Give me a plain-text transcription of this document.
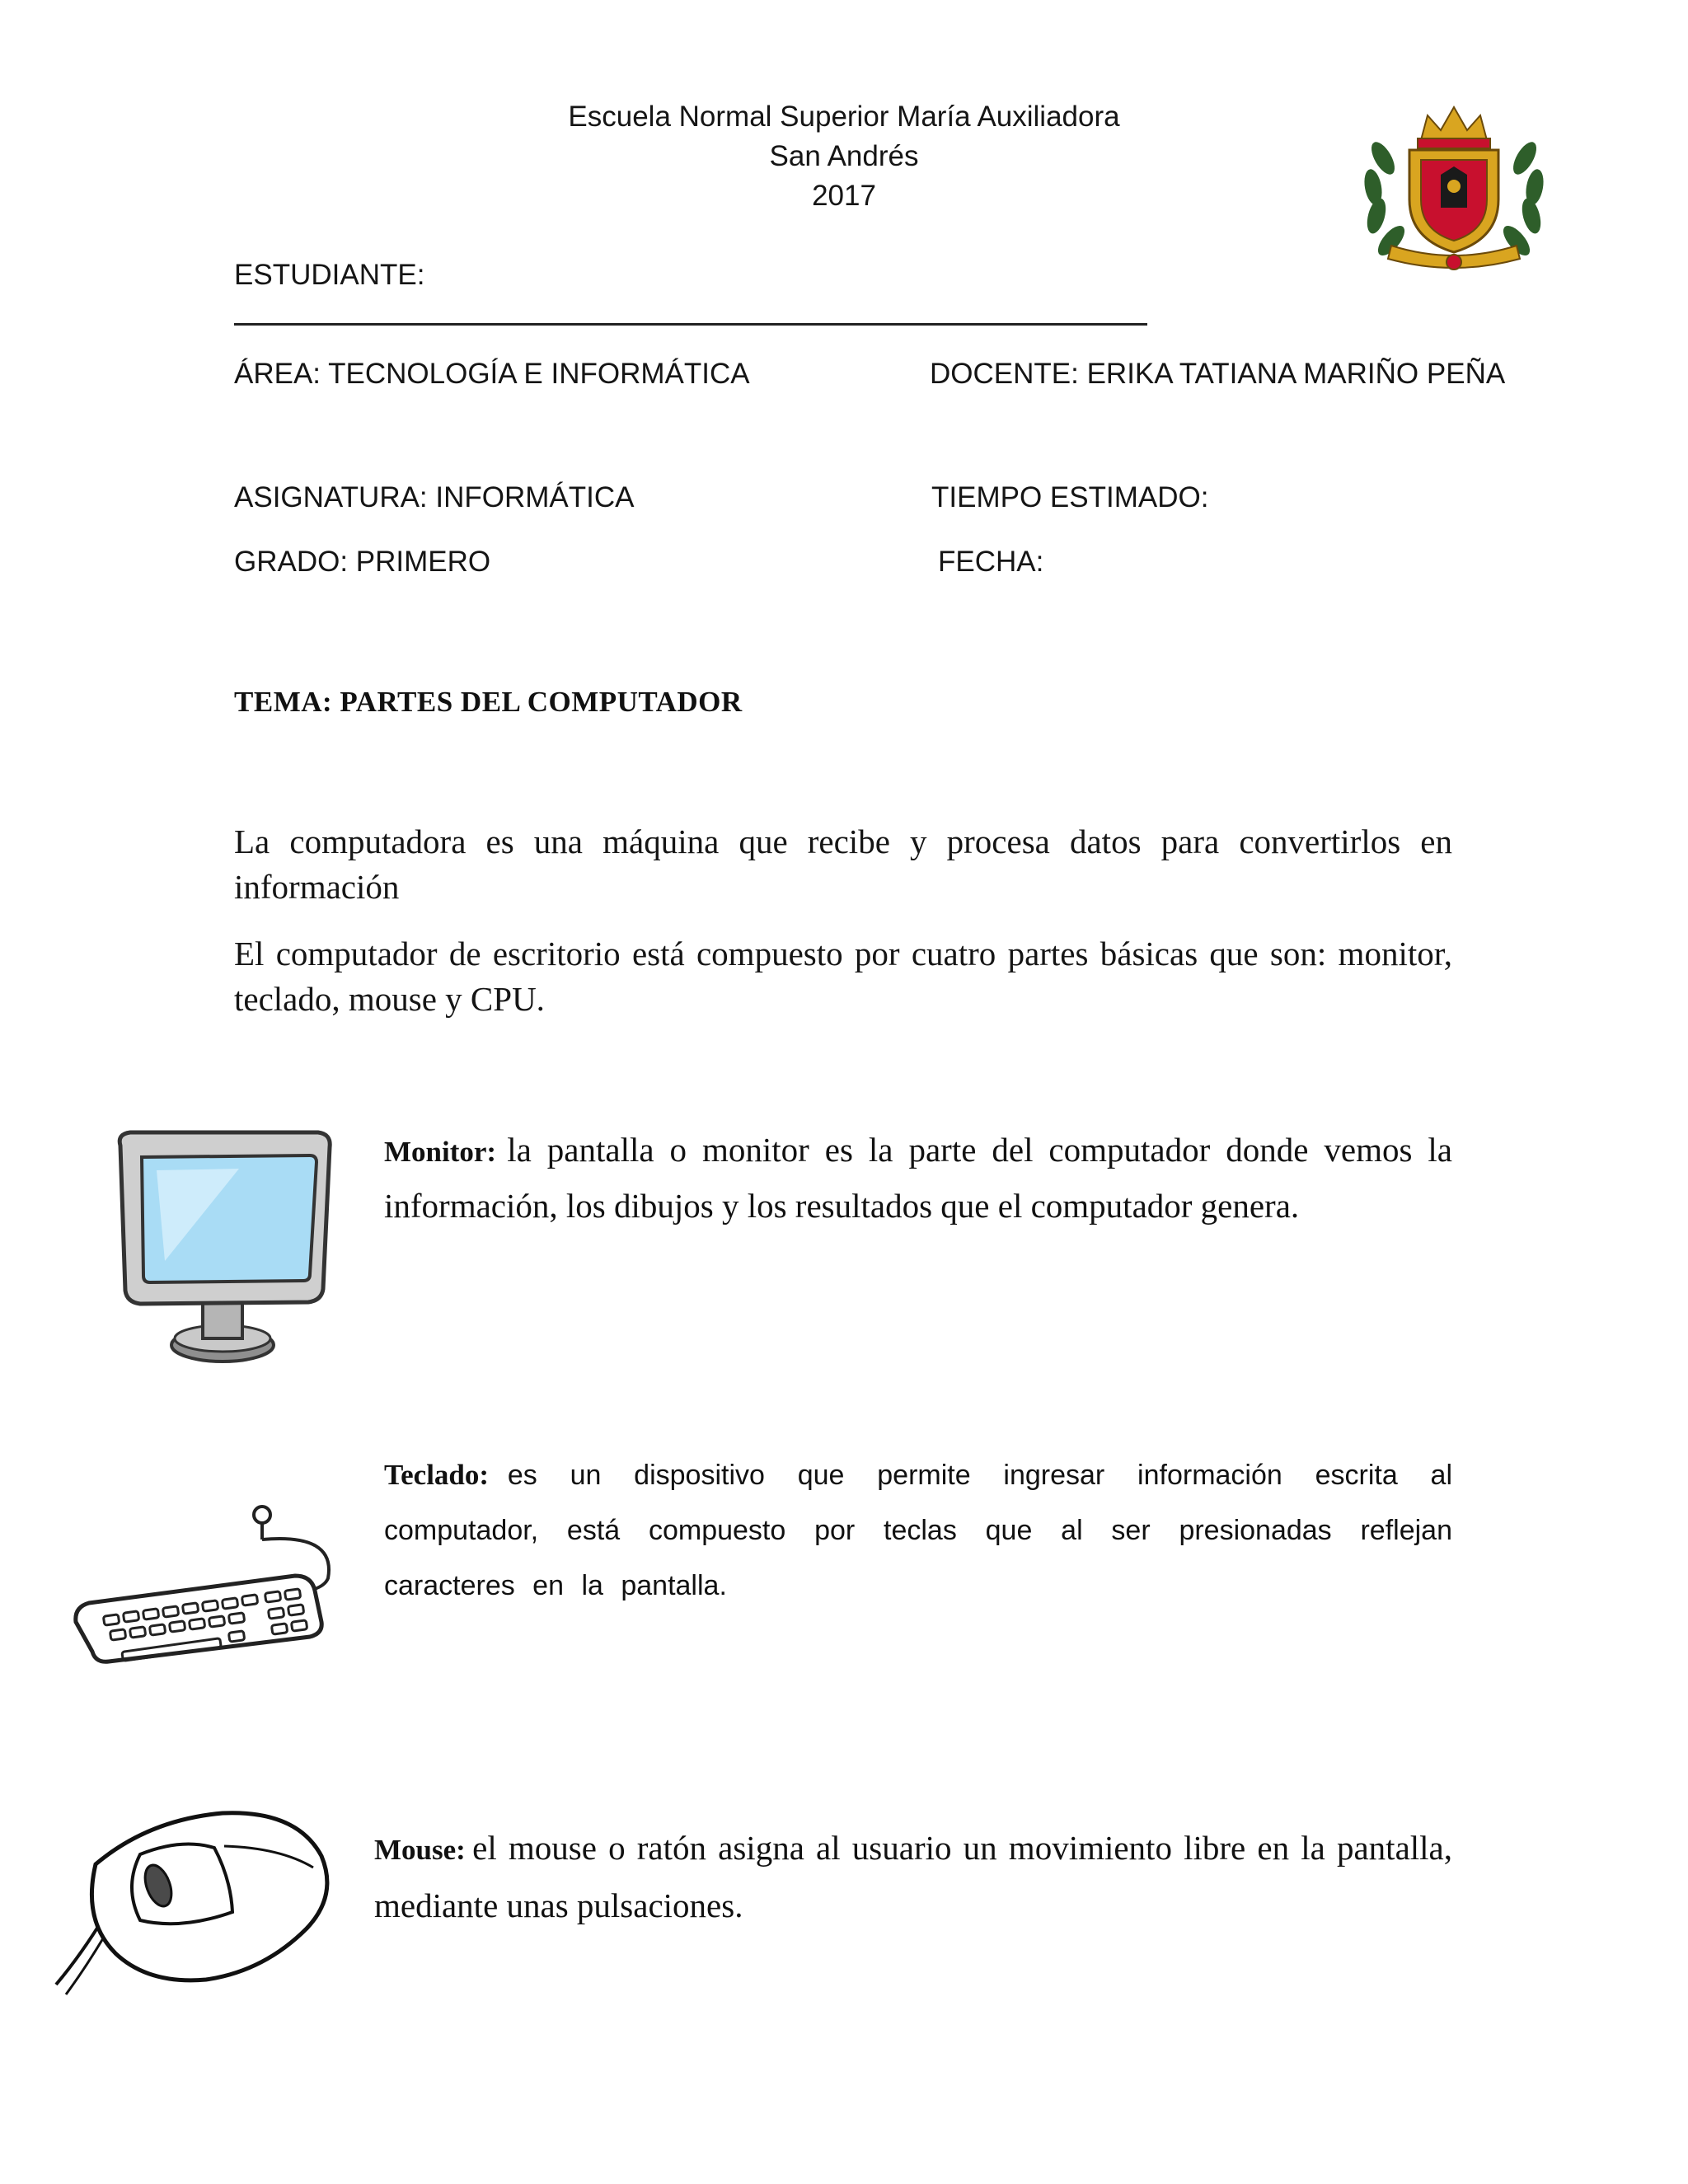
Escuela Normal Superior María Auxiliadora
San Andrés
2017
ESTUDIANTE:
ÁREA: TECNOLOGÍA E INFORMÁTICA	DOCENTE: ERIKA TATIANA MARIÑO PEÑA
ASIGNATURA: INFORMÁTICA	TIEMPO ESTIMADO:
GRADO: PRIMERO	FECHA:
TEMA: PARTES DEL COMPUTADOR
La computadora es una máquina que recibe y procesa datos para convertirlos en información
El computador de escritorio está compuesto por cuatro partes básicas que son: monitor, teclado, mouse y CPU.
Monitor: la pantalla o monitor es la parte del computador donde vemos la información, los dibujos y los resultados que el computador genera.
Teclado: es un dispositivo que permite ingresar información escrita al computador, está compuesto por teclas que al ser presionadas reflejan caracteres en la pantalla.
Mouse: el mouse o ratón asigna al usuario un movimiento libre en la pantalla, mediante unas pulsaciones.
